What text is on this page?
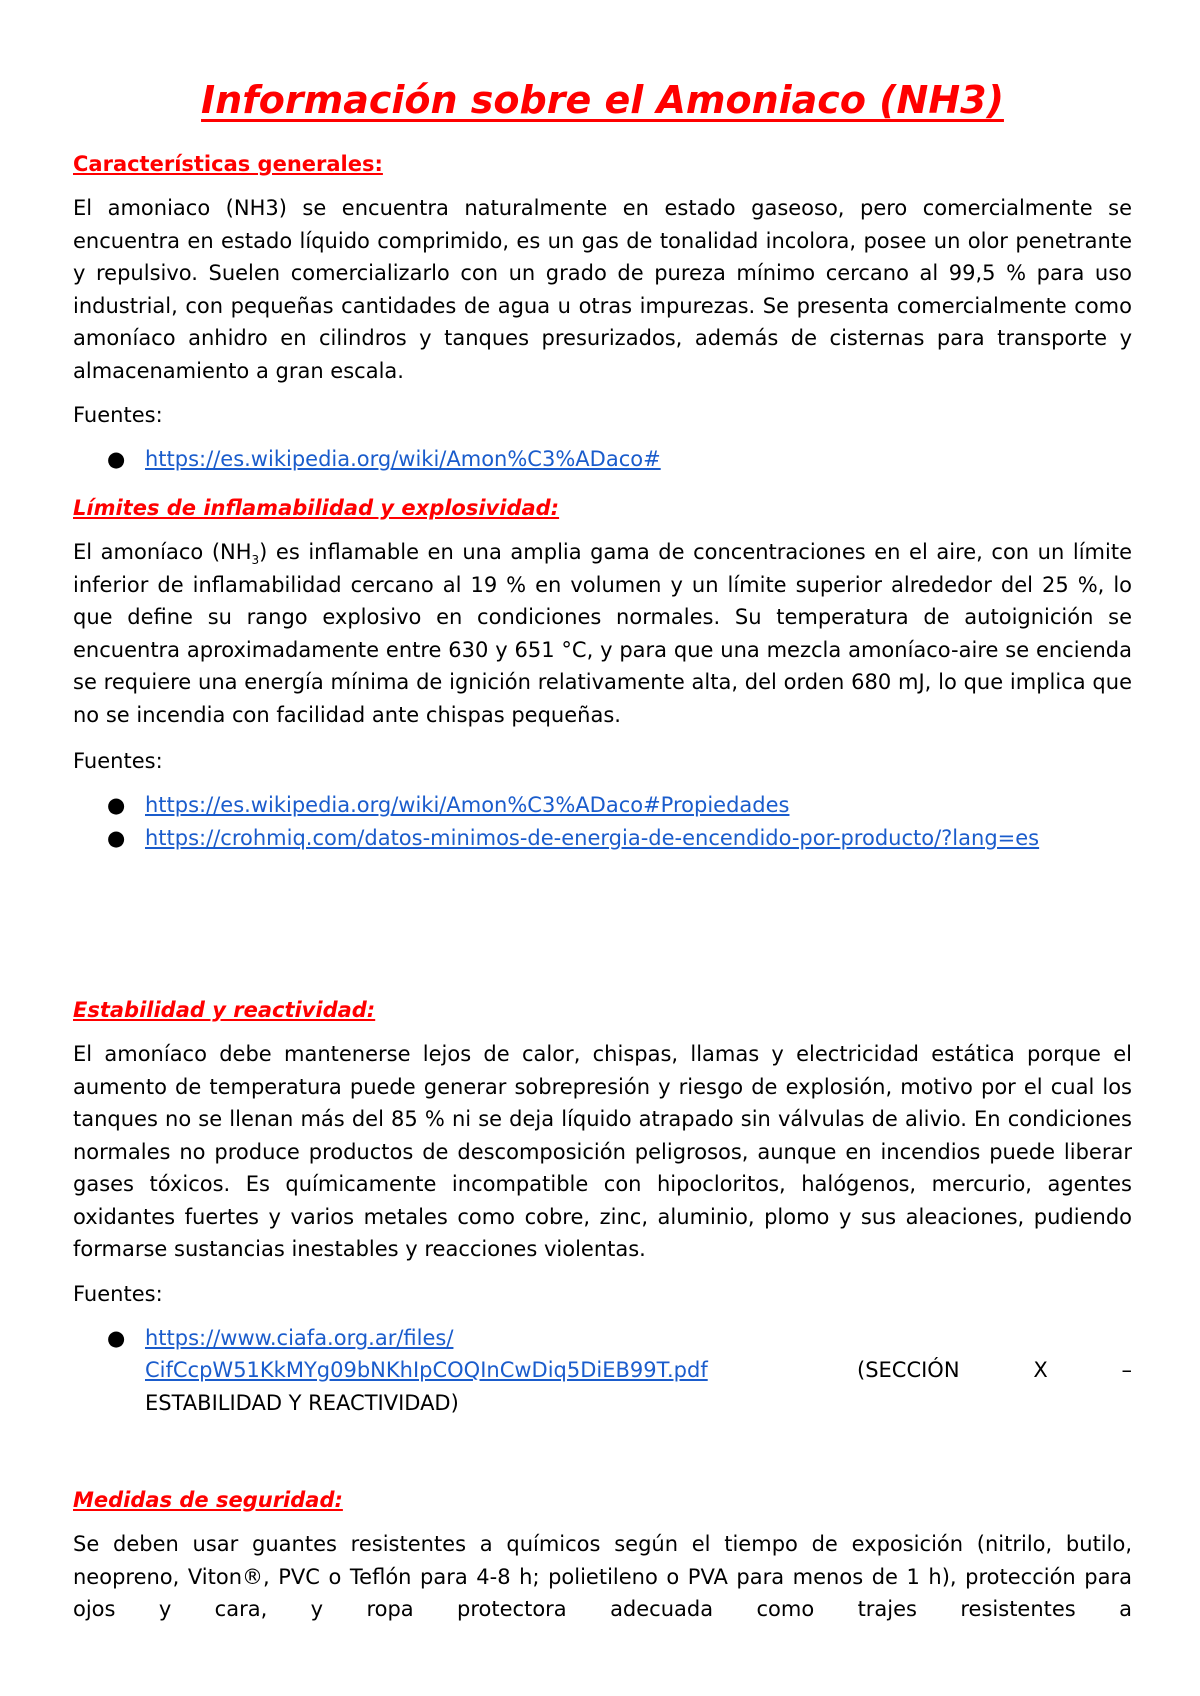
Información sobre el Amoniaco (NH3)
Características generales:

El amoniaco (NH3) se encuentra naturalmente en estado gaseoso, pero comercialmente se encuentra en estado líquido comprimido, es un gas de tonalidad incolora, posee un olor penetrante y repulsivo. Suelen comercializarlo con un grado de pureza mínimo cercano al 99,5 % para uso industrial, con pequeñas cantidades de agua u otras impurezas. Se presenta comercialmente como amoníaco anhidro en cilindros y tanques presurizados, además de cisternas para transporte y almacenamiento a gran escala.

Fuentes:

● https://es.wikipedia.org/wiki/Amon%C3%ADaco#
Límites de inflamabilidad y explosividad:

El amoníaco $(NH_3)$ es inflamable en una amplia gama de concentraciones en el aire, con un límite inferior de inflamabilidad cercano al 19 % en volumen y un límite superior alrededor del 25 %, lo que define su rango explosivo en condiciones normales. Su temperatura de autoignición se encuentra aproximadamente entre 630 y 651 °C, y para que una mezcla amoníaco-aire se encienda se requiere una energía mínima de ignición relativamente alta, del orden 680 mJ, lo que implica que no se incendia con facilidad ante chispas pequeñas.

Fuentes:

● https://es.wikipedia.org/wiki/Amon%C3%ADaco#Propiedades
● https://crohmiq.com/datos-minimos-de-energia-de-encendido-por-producto/?lang=es
Estabilidad y reactividad:

El amoníaco debe mantenerse lejos de calor, chispas, llamas y electricidad estática porque el aumento de temperatura puede generar sobrepresión y riesgo de explosión, motivo por el cual los tanques no se llenan más del 85 % ni se deja líquido atrapado sin válvulas de alivio. En condiciones normales no produce productos de descomposición peligrosos, aunque en incendios puede liberar gases tóxicos. Es químicamente incompatible con hipocloritos, halógenos, mercurio, agentes oxidantes fuertes y varios metales como cobre, zinc, aluminio, plomo y sus aleaciones, pudiendo formarse sustancias inestables y reacciones violentas.

Fuentes:

● https://www.ciafa.org.ar/files/
CifCcpW51KkMYg09bNKhIpCOQInCwDiq5DiEB99T.pdf	(SECCIÓN	X	–
ESTABILIDAD Y REACTIVIDAD)
Medidas de seguridad:

Se deben usar guantes resistentes a químicos según el tiempo de exposición (nitrilo, butilo, neopreno, Viton®, PVC o Teflón para 4-8 h; polietileno o PVA para menos de 1 h), protección para ojos y cara, y ropa protectora adecuada como trajes resistentes a
